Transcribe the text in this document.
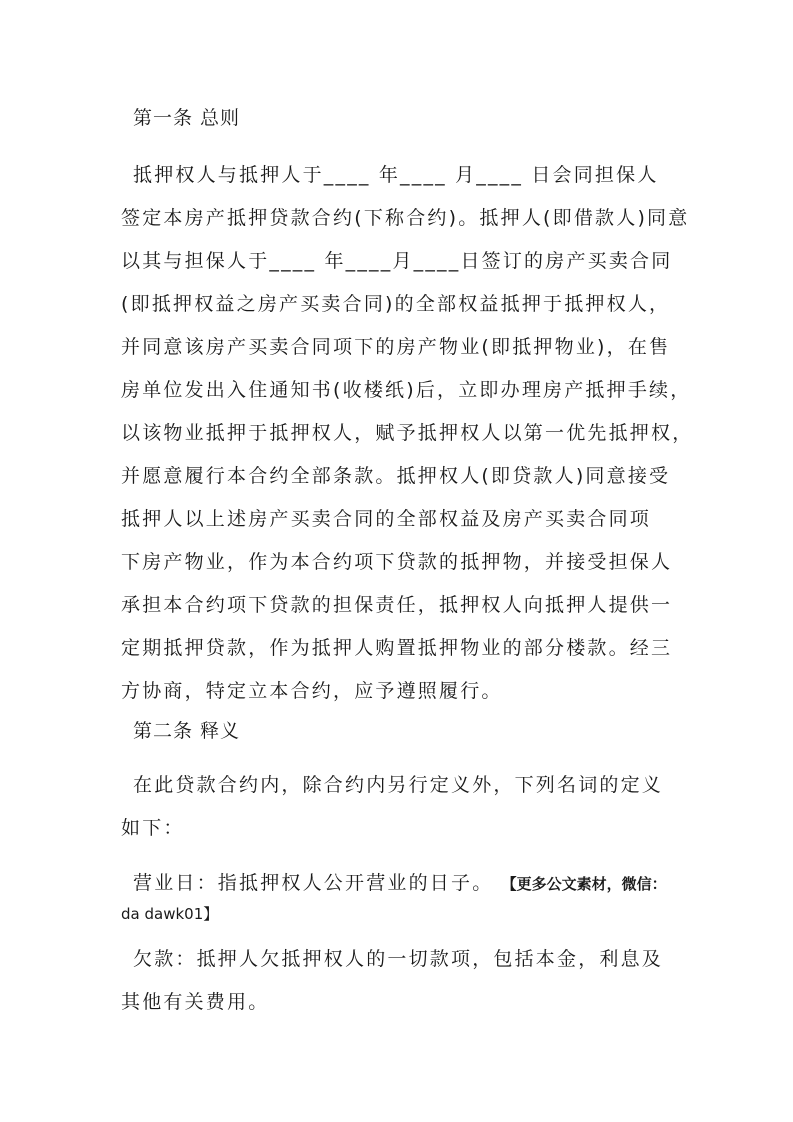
第一条 总则
抵押权人与抵押人于____ 年____ 月____ 日会同担保人
签定本房产抵押贷款合约(下称合约)。抵押人(即借款人)同意
以其与担保人于____ 年____月____日签订的房产买卖合同
(即抵押权益之房产买卖合同)的全部权益抵押于抵押权人，
并同意该房产买卖合同项下的房产物业(即抵押物业)，在售
房单位发出入住通知书(收楼纸)后，立即办理房产抵押手续，
以该物业抵押于抵押权人，赋予抵押权人以第一优先抵押权，
并愿意履行本合约全部条款。抵押权人(即贷款人)同意接受
抵押人以上述房产买卖合同的全部权益及房产买卖合同项
下房产物业，作为本合约项下贷款的抵押物，并接受担保人
承担本合约项下贷款的担保责任，抵押权人向抵押人提供一
定期抵押贷款，作为抵押人购置抵押物业的部分楼款。经三
方协商，特定立本合约，应予遵照履行。
第二条 释义
在此贷款合约内，除合约内另行定义外，下列名词的定义
如下：
营业日：指抵押权人公开营业的日子。 【更多公文素材，微信：
da dawk01】
欠款：抵押人欠抵押权人的一切款项，包括本金，利息及
其他有关费用。
